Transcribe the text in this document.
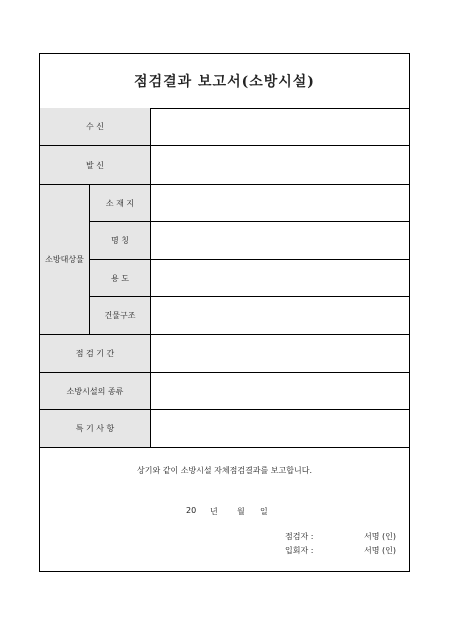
점검결과 보고서(소방시설)
수 신
발 신
소방대상물
소 재 지
명 칭
용 도
건물구조
점 검 기 간
소방시설의 종류
특 기 사 항
상기와 같이 소방시설 자체점검결과를 보고합니다.
20 년 월 일
점검자 :	서명 (인)
입회자 :	서명 (인)
